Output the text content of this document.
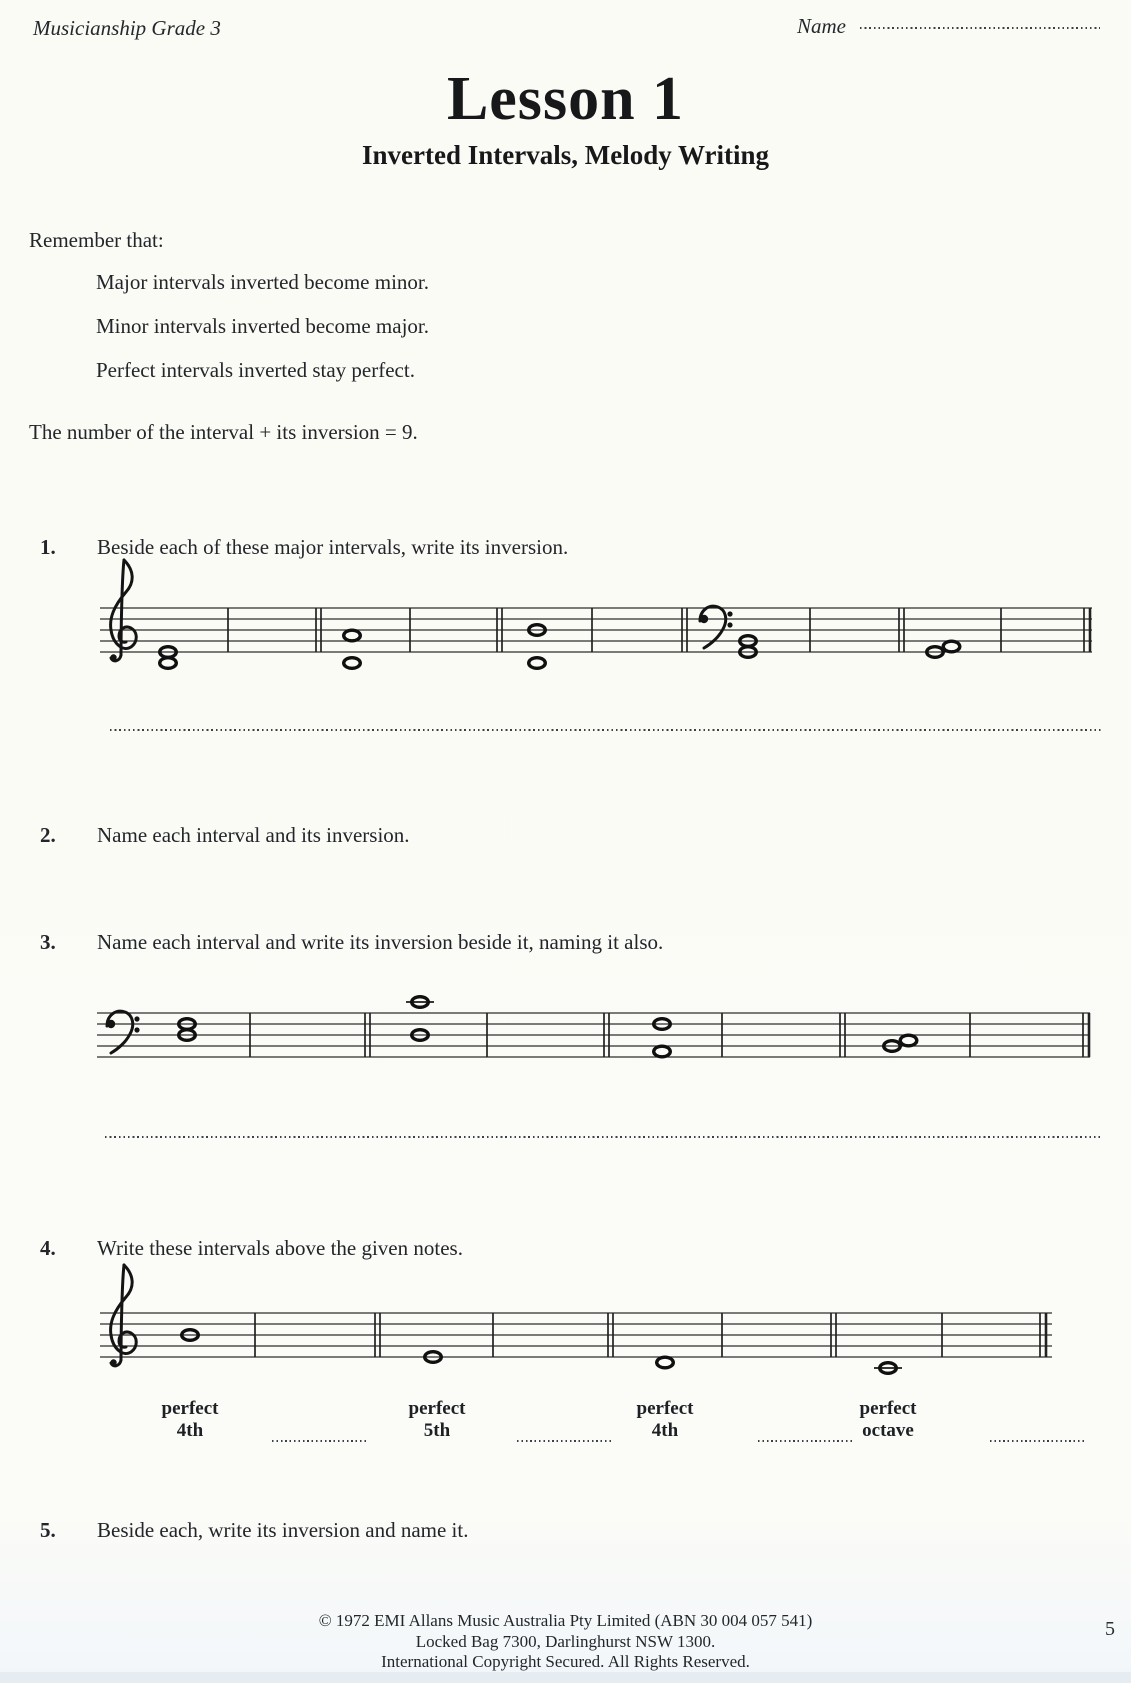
Musicianship Grade 3	Name
Lesson 1
Inverted Intervals, Melody Writing
Remember that:
Major intervals inverted become minor.
Minor intervals inverted become major.
Perfect intervals inverted stay perfect.
The number of the interval + its inversion = 9.
1. Beside each of these major intervals, write its inversion.
2. Name each interval and its inversion.
3. Name each interval and write its inversion beside it, naming it also.
4. Write these intervals above the given notes.
perfect
4th
perfect
5th
perfect
4th
perfect
octave
5. Beside each, write its inversion and name it.
© 1972 EMI Allans Music Australia Pty Limited (ABN 30 004 057 541)
Locked Bag 7300, Darlinghurst NSW 1300.
International Copyright Secured. All Rights Reserved.
5
